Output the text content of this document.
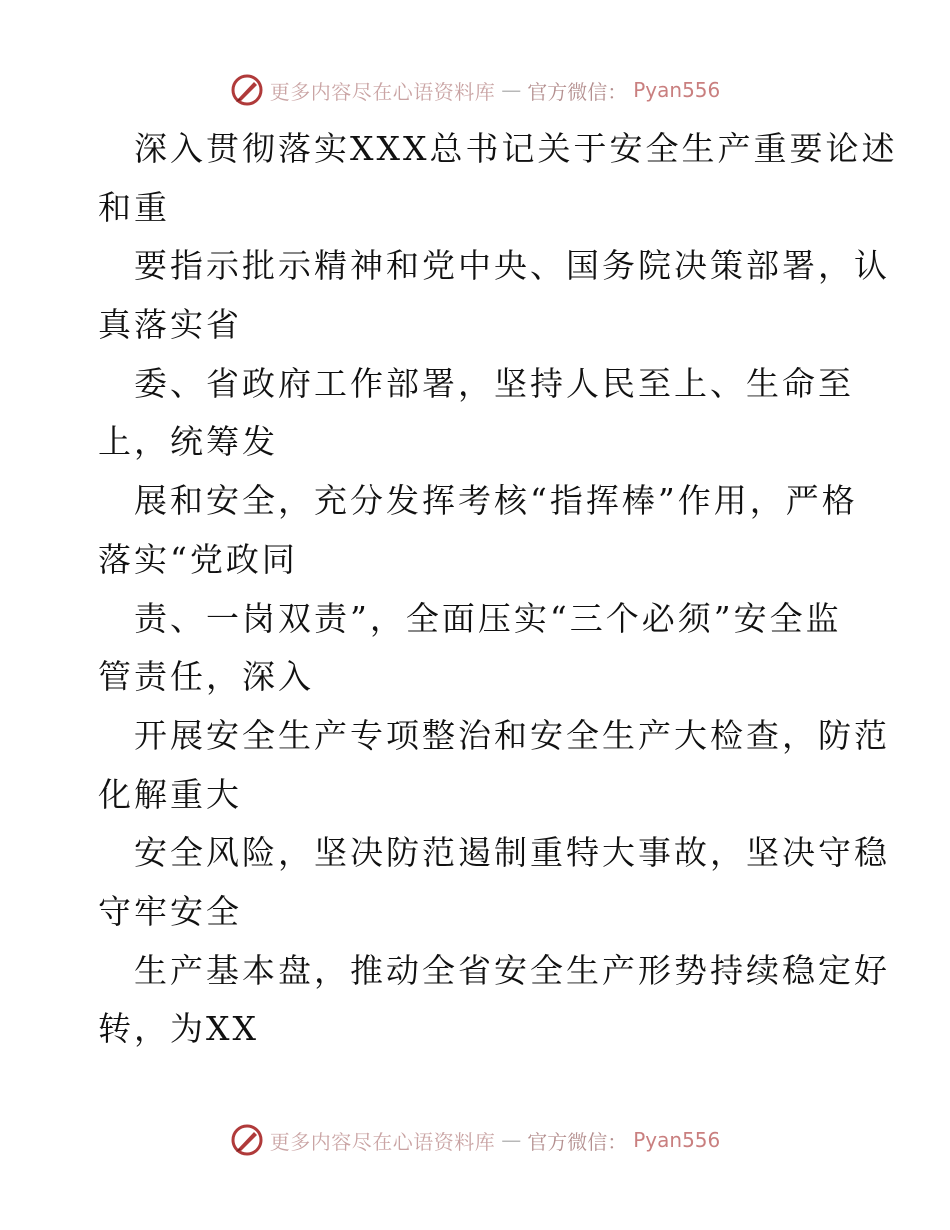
更多内容尽在心语资料库 — 官方微信： Pyan556
深入贯彻落实XXX总书记关于安全生产重要论述
和重
要指示批示精神和党中央、国务院决策部署，认
真落实省
委、省政府工作部署，坚持人民至上、生命至
上，统筹发
展和安全，充分发挥考核“指挥棒”作用，严格
落实“党政同
责、一岗双责”，全面压实“三个必须”安全监
管责任，深入
开展安全生产专项整治和安全生产大检查，防范
化解重大
安全风险，坚决防范遏制重特大事故，坚决守稳
守牢安全
生产基本盘，推动全省安全生产形势持续稳定好
转，为XX
更多内容尽在心语资料库 — 官方微信： Pyan556
